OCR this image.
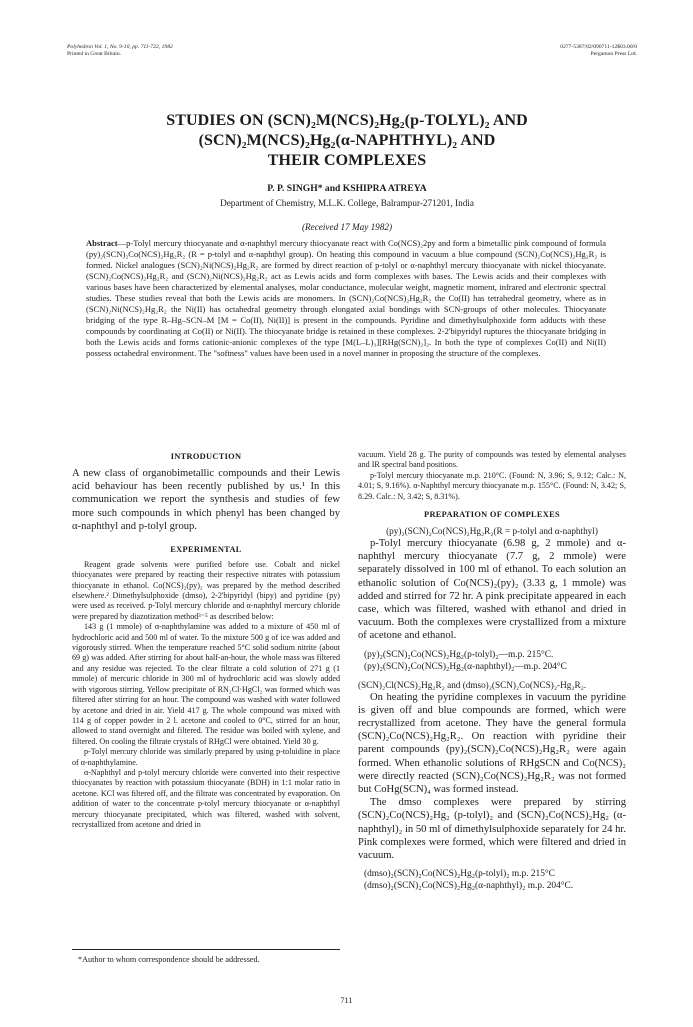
Polyhedron Vol. 1, No. 9-10, pp. 711-722, 1982
Printed in Great Britain.
0277-5387/82/090711-12$03.00/0
Pergamon Press Ltd.
STUDIES ON (SCN)₂M(NCS)₂Hg₂(p-TOLYL)₂ AND
(SCN)₂M(NCS)₂Hg₂(α-NAPHTHYL)₂ AND
THEIR COMPLEXES
P. P. SINGH* and KSHIPRA ATREYA
Department of Chemistry, M.L.K. College, Balrampur-271201, India
(Received 17 May 1982)
Abstract—p-Tolyl mercury thiocyanate and α-naphthyl mercury thiocyanate react with Co(NCS)₂2py and form a bimetallic pink compound of formula (py)₂(SCN)₂Co(NCS)₂Hg₂R₂ (R = p-tolyl and α-naphthyl group). On heating this compound in vacuum a blue compound (SCN)₂Co(NCS)₂Hg₂R₂ is formed. Nickel analogues (SCN)₂Ni(NCS)₂Hg₂R₂ are formed by direct reaction of p-tolyl or α-naphthyl mercury thiocyanate with nickel thiocyanate. (SCN)₂Co(NCS)₂Hg₂R₂ and (SCN)₂Ni(NCS)₂Hg₂R₂ act as Lewis acids and form complexes with bases. The Lewis acids and their complexes with various bases have been characterized by elemental analyses, molar conductance, molecular weight, magnetic moment, infrared and electronic spectral studies. These studies reveal that both the Lewis acids are monomers. In (SCN)₂Co(NCS)₂Hg₂R₂ the Co(II) has tetrahedral geometry, where as in (SCN)₂Ni(NCS)₂Hg₂R₂ the Ni(II) has octahedral geometry through elongated axial bondings with SCN-groups of other molecules. Thiocyanate bridging of the type R–Hg–SCN–M [M = Co(II), Ni(II)] is present in the compounds. Pyridine and dimethylsulphoxide form adducts with these compounds by coordinating at Co(II) or Ni(II). The thiocyanate bridge is retained in these complexes. 2-2'bipyridyl ruptures the thiocyanate bridging in both the Lewis acids and forms cationic-anionic complexes of the type [M(L–L)₃][RHg(SCN)₂]₂. In both the type of complexes Co(II) and Ni(II) possess octahedral environment. The "softness" values have been used in a novel manner in proposing the structure of the complexes.
INTRODUCTION

A new class of organobimetallic compounds and their Lewis acid behaviour has been recently published by us.¹ In this communication we report the synthesis and studies of few more such compounds in which phenyl has been changed by α-naphthyl and p-tolyl group.

EXPERIMENTAL

Reagent grade solvents were purified before use. Cobalt and nickel thiocyanates were prepared by reacting their respective nitrates with potassium thiocyanate in ethanol. Co(NCS)₂(py)₂ was prepared by the method described elsewhere.² Dimethylsulphoxide (dmso), 2-2'bipyridyl (bipy) and pyridine (py) were used as received. p-Tolyl mercury chloride and α-naphthyl mercury chloride were prepared by diazotization method³⁻⁵ as described below:

143 g (1 mmole) of α-naphthylamine was added to a mixture of 450 ml of hydrochloric acid and 500 ml of water. To the mixture 500 g of ice was added and vigorously stirred. When the temperature reached 5°C solid sodium nitrite (about 69 g) was added. After stirring for about half-an-hour, the whole mass was filtered and any residue was rejected. To the clear filtrate a cold solution of 271 g (1 mmole) of mercuric chloride in 300 ml of hydrochloric acid was slowly added with vigorous stirring. Yellow precipitate of RN₂Cl·HgCl₂ was formed which was filtered after stirring for an hour. The compound was washed with water followed by acetone and dried in air. Yield 417 g. The whole compound was mixed with 114 g of copper powder in 2 l. acetone and cooled to 0°C, stirred for an hour, allowed to stand overnight and filtered. The residue was boiled with xylene, and filtered. On cooling the filtrate crystals of RHgCl were obtained. Yield 30 g.

p-Tolyl mercury chloride was similarly prepared by using p-toluidine in place of α-naphthylamine.

α-Naphthyl and p-tolyl mercury chloride were converted into their respective thiocyanates by reaction with potassium thiocyanate (BDH) in 1:1 molar ratio in acetone. KCl was filtered off, and the filtrate was concentrated by evaporation. On addition of water to the concentrate p-tolyl mercury thiocyanate or α-naphthyl mercury thiocyanate precipitated, which was filtered, washed with solvent, recrystallized from acetone and dried in

*Author to whom correspondence should be addressed.

vacuum. Yield 28 g. The purity of compounds was tested by elemental analyses and IR spectral band positions.

p-Tolyl mercury thiocyanate m.p. 210°C. (Found: N, 3.96; S, 9.12; Calc.: N, 4.01; S, 9.16%). α-Naphthyl mercury thiocyanate m.p. 155°C. (Found: N, 3.42; S, 8.29. Calc.: N, 3.42; S, 8.31%).

PREPARATION OF COMPLEXES
(py)₂(SCN)₂Co(NCS)₂Hg₂R₂(R = p-tolyl and α-naphthyl)

p-Tolyl mercury thiocyanate (6.98 g, 2 mmole) and α-naphthyl mercury thiocyanate (7.7 g, 2 mmole) were separately dissolved in 100 ml of ethanol. To each solution an ethanolic solution of Co(NCS)₂(py)₂ (3.33 g, 1 mmole) was added and stirred for 72 hr. A pink precipitate appeared in each case, which was filtered, washed with ethanol and dried in vacuum. Both the complexes were crystallized from a mixture of acetone and ethanol.

(py)₂(SCN)₂Co(NCS)₂Hg₂(p-tolyl)₂—m.p. 215°C.
(py)₂(SCN)₂Co(NCS)₂Hg₂(α-naphthyl)₂—m.p. 204°C
(SCN)₂Cl(NCS)₂Hg₂R₂ and (dmso)₂(SCN)₂Co(NCS)₂-Hg₂R₂.

On heating the pyridine complexes in vacuum the pyridine is given off and blue compounds are formed, which were recrystallized from acetone. They have the general formula (SCN)₂Co(NCS)₂Hg₂R₂. On reaction with pyridine their parent compounds (py)₂(SCN)₂Co(NCS)₂Hg₂R₂ were again formed. When ethanolic solutions of RHgSCN and Co(NCS)₂ were directly reacted (SCN)₂Co(NCS)₂Hg₂R₂ was not formed but CoHg(SCN)₄ was formed instead.

The dmso complexes were prepared by stirring (SCN)₂Co(NCS)₂Hg₂ (p-tolyl)₂ and (SCN)₂Co(NCS)₂Hg₂ (α-naphthyl)₂ in 50 ml of dimethylsulphoxide separately for 24 hr. Pink complexes were formed, which were filtered and dried in vacuum.

(dmso)₂(SCN)₂Co(NCS)₂Hg₂(p-tolyl)₂ m.p. 215°C
(dmso)₂(SCN)₂Co(NCS)₂Hg₂(α-naphthyl)₂ m.p. 204°C.
711
